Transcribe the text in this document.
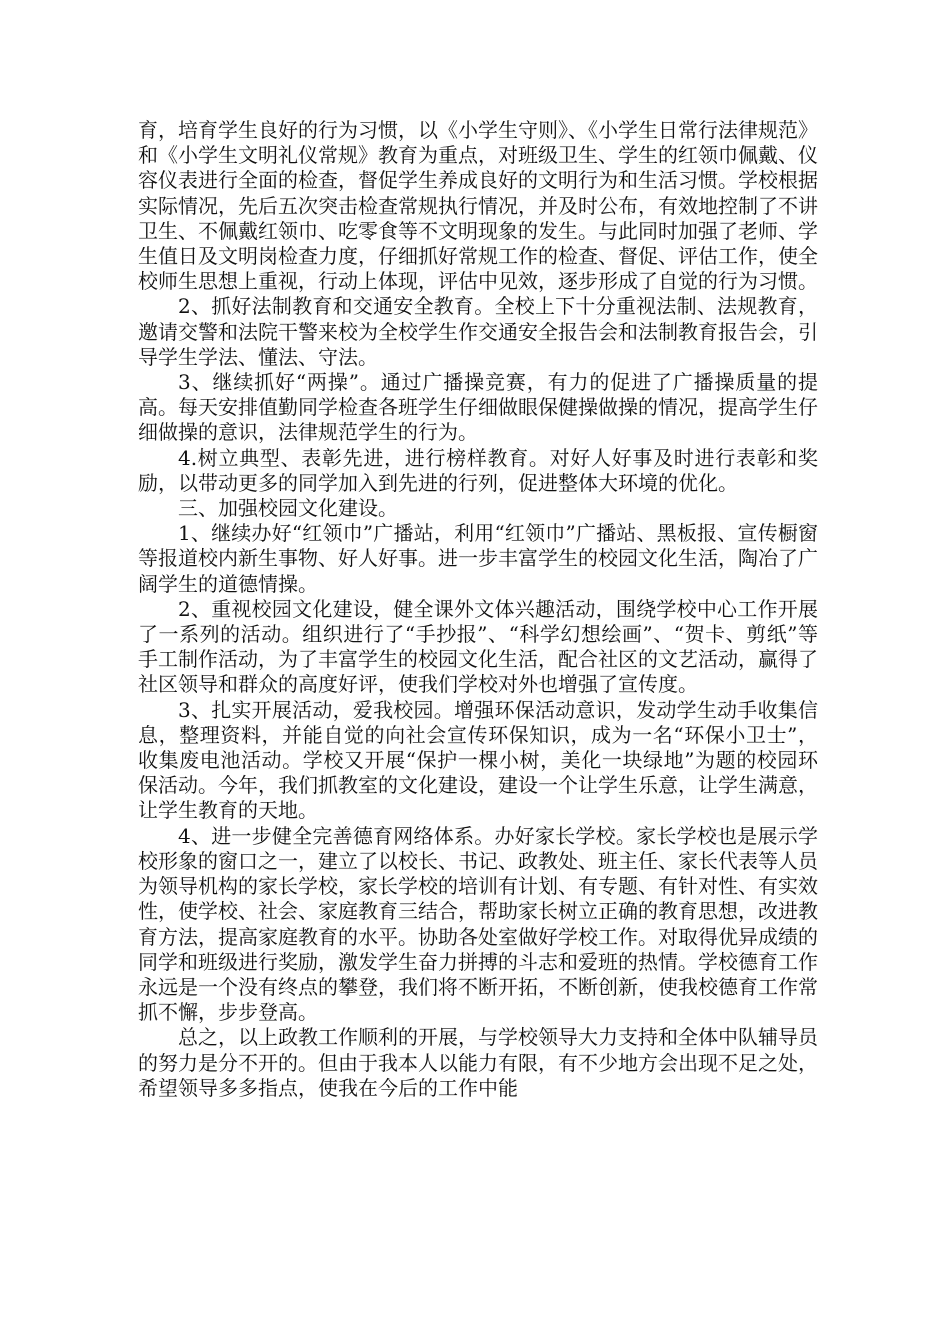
育，培育学生良好的行为习惯，以《小学生守则》、《小学生日常行法律规范》和《小学生文明礼仪常规》教育为重点，对班级卫生、学生的红领巾佩戴、仪容仪表进行全面的检查，督促学生养成良好的文明行为和生活习惯。学校根据实际情况，先后五次突击检查常规执行情况，并及时公布，有效地控制了不讲卫生、不佩戴红领巾、吃零食等不文明现象的发生。与此同时加强了老师、学生值日及文明岗检查力度，仔细抓好常规工作的检查、督促、评估工作，使全校师生思想上重视，行动上体现，评估中见效，逐步形成了自觉的行为习惯。

2、抓好法制教育和交通安全教育。全校上下十分重视法制、法规教育，邀请交警和法院干警来校为全校学生作交通安全报告会和法制教育报告会，引导学生学法、懂法、守法。

3、继续抓好“两操”。通过广播操竞赛，有力的促进了广播操质量的提高。每天安排值勤同学检查各班学生仔细做眼保健操做操的情况，提高学生仔细做操的意识，法律规范学生的行为。

4.树立典型、表彰先进，进行榜样教育。对好人好事及时进行表彰和奖励，以带动更多的同学加入到先进的行列，促进整体大环境的优化。

三、加强校园文化建设。

1、继续办好“红领巾”广播站，利用“红领巾”广播站、黑板报、宣传橱窗等报道校内新生事物、好人好事。进一步丰富学生的校园文化生活，陶冶了广阔学生的道德情操。

2、重视校园文化建设，健全课外文体兴趣活动，围绕学校中心工作开展了一系列的活动。组织进行了“手抄报”、“科学幻想绘画”、“贺卡、剪纸”等手工制作活动，为了丰富学生的校园文化生活，配合社区的文艺活动，赢得了社区领导和群众的高度好评，使我们学校对外也增强了宣传度。

3、扎实开展活动，爱我校园。增强环保活动意识，发动学生动手收集信息，整理资料，并能自觉的向社会宣传环保知识，成为一名“环保小卫士”，收集废电池活动。学校又开展“保护一棵小树，美化一块绿地”为题的校园环保活动。今年，我们抓教室的文化建设，建设一个让学生乐意，让学生满意，让学生教育的天地。

4、进一步健全完善德育网络体系。办好家长学校。家长学校也是展示学校形象的窗口之一，建立了以校长、书记、政教处、班主任、家长代表等人员为领导机构的家长学校，家长学校的培训有计划、有专题、有针对性、有实效性，使学校、社会、家庭教育三结合，帮助家长树立正确的教育思想，改进教育方法，提高家庭教育的水平。协助各处室做好学校工作。对取得优异成绩的同学和班级进行奖励，激发学生奋力拼搏的斗志和爱班的热情。学校德育工作永远是一个没有终点的攀登，我们将不断开拓，不断创新，使我校德育工作常抓不懈，步步登高。

总之，以上政教工作顺利的开展，与学校领导大力支持和全体中队辅导员的努力是分不开的。但由于我本人以能力有限，有不少地方会出现不足之处，希望领导多多指点，使我在今后的工作中能
